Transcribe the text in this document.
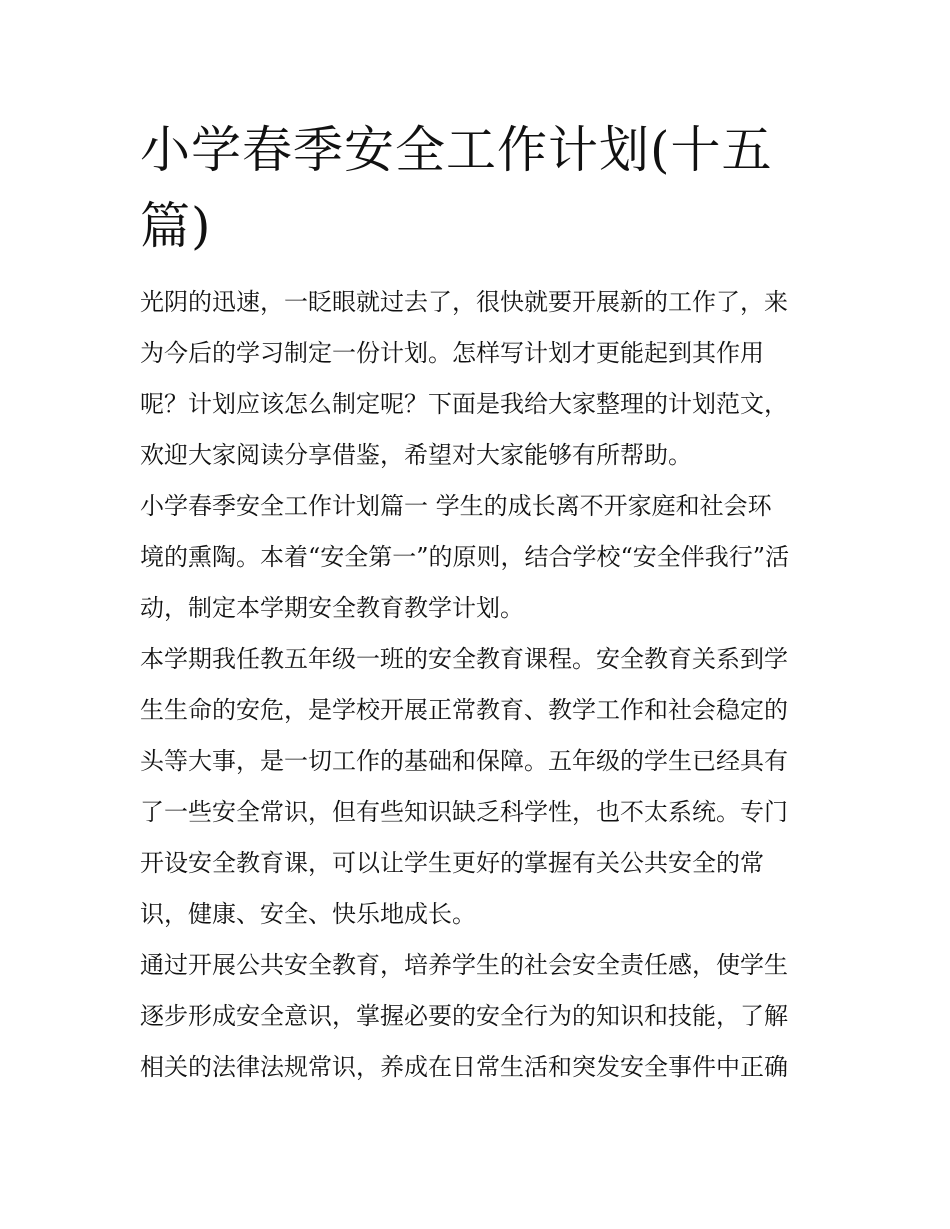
小学春季安全工作计划(十五
篇)

光阴的迅速，一眨眼就过去了，很快就要开展新的工作了，来
为今后的学习制定一份计划。怎样写计划才更能起到其作用
呢？计划应该怎么制定呢？下面是我给大家整理的计划范文，
欢迎大家阅读分享借鉴，希望对大家能够有所帮助。

小学春季安全工作计划篇一 学生的成长离不开家庭和社会环
境的熏陶。本着“安全第一”的原则，结合学校“安全伴我行”活
动，制定本学期安全教育教学计划。

本学期我任教五年级一班的安全教育课程。安全教育关系到学
生生命的安危，是学校开展正常教育、教学工作和社会稳定的
头等大事，是一切工作的基础和保障。五年级的学生已经具有
了一些安全常识，但有些知识缺乏科学性，也不太系统。专门
开设安全教育课，可以让学生更好的掌握有关公共安全的常
识，健康、安全、快乐地成长。

通过开展公共安全教育，培养学生的社会安全责任感，使学生
逐步形成安全意识，掌握必要的安全行为的知识和技能，了解
相关的法律法规常识，养成在日常生活和突发安全事件中正确
